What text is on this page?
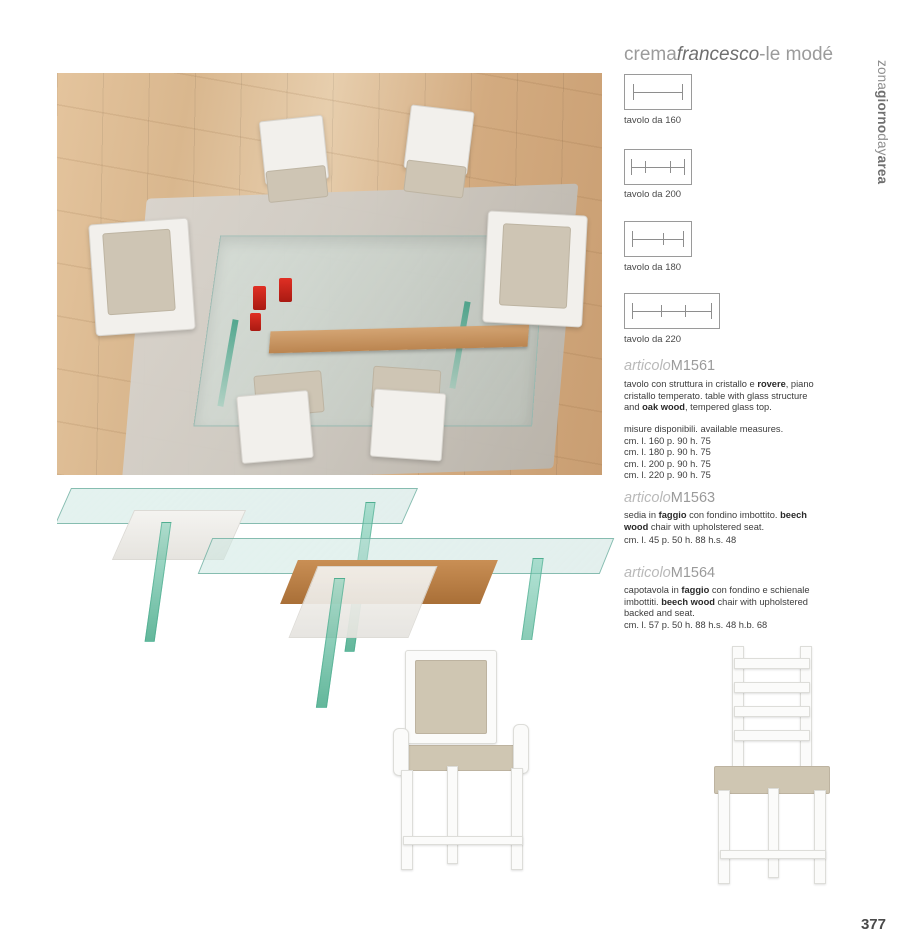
zonagiornodayarea
cremafrancesco-le modé
tavolo da 160
tavolo da 200
tavolo da 180
tavolo da 220
articoloM1561
tavolo con struttura in cristallo e rovere, piano cristallo temperato. table with glass structure and oak wood, tempered glass top.
misure disponibili. available measures.
cm. l. 160 p. 90 h. 75
cm. l. 180 p. 90 h. 75
cm. l. 200 p. 90 h. 75
cm. l. 220 p. 90 h. 75
articoloM1563
sedia in faggio con fondino imbottito. beech wood chair with upholstered seat.
cm. l. 45 p. 50 h. 88 h.s. 48
articoloM1564
capotavola in faggio con fondino e schienale imbottiti. beech wood chair with upholstered backed and seat.
cm. l. 57 p. 50 h. 88 h.s. 48 h.b. 68
377
